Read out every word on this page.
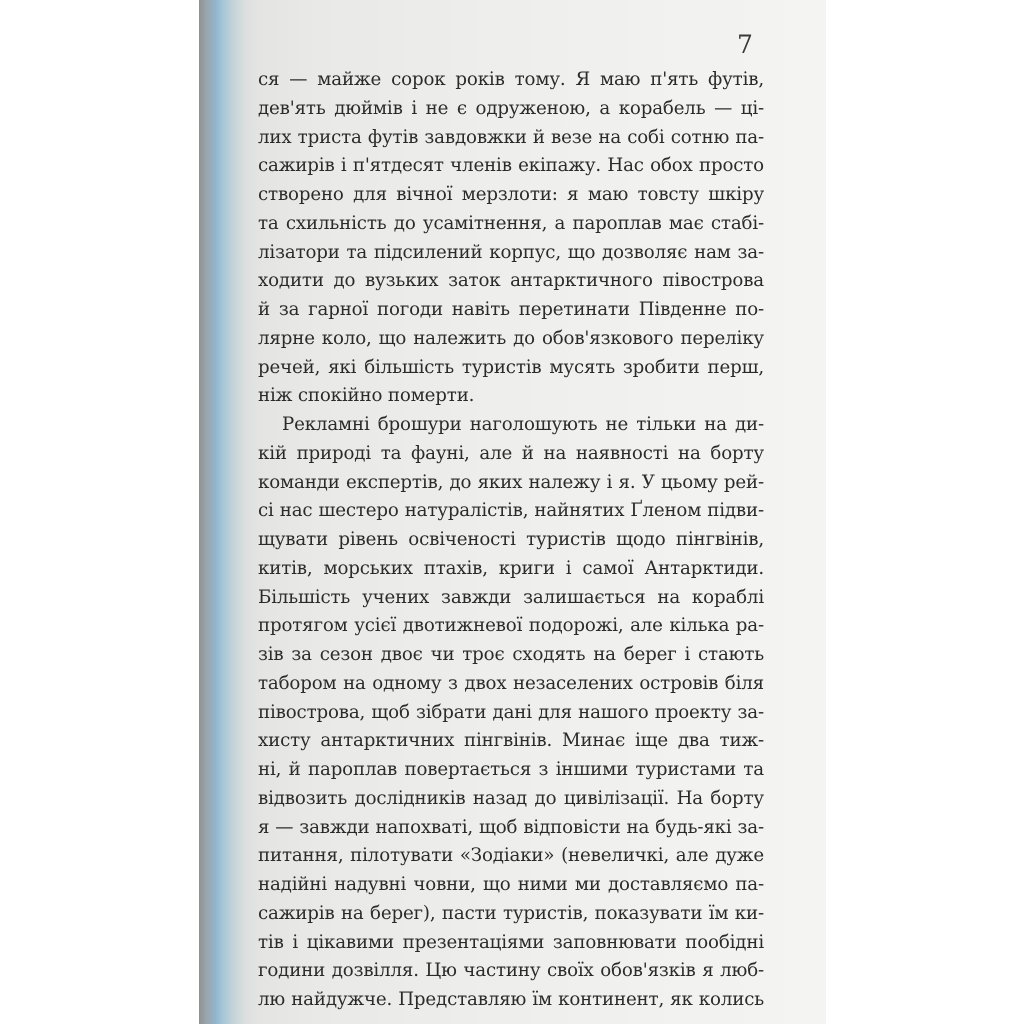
7
ся — майже сорок років тому. Я маю п'ять футів,
дев'ять дюймів і не є одруженою, а корабель — ці-
лих триста футів завдовжки й везе на собі сотню па-
сажирів і п'ятдесят членів екіпажу. Нас обох просто
створено для вічної мерзлоти: я маю товсту шкіру
та схильність до усамітнення, а пароплав має стабі-
лізатори та підсилений корпус, що дозволяє нам за-
ходити до вузьких заток антарктичного півострова
й за гарної погоди навіть перетинати Південне по-
лярне коло, що належить до обов'язкового переліку
речей, які більшість туристів мусять зробити перш,
ніж спокійно померти.
Рекламні брошури наголошують не тільки на ди-
кій природі та фауні, але й на наявності на борту
команди експертів, до яких належу і я. У цьому рей-
сі нас шестеро натуралістів, найнятих Ґленом підви-
щувати рівень освіченості туристів щодо пінгвінів,
китів, морських птахів, криги і самої Антарктиди.
Більшість учених завжди залишається на кораблі
протягом усієї двотижневої подорожі, але кілька ра-
зів за сезон двоє чи троє сходять на берег і стають
табором на одному з двох незаселених островів біля
півострова, щоб зібрати дані для нашого проекту за-
хисту антарктичних пінгвінів. Минає іще два тиж-
ні, й пароплав повертається з іншими туристами та
відвозить дослідників назад до цивілізації. На борту
я — завжди напохваті, щоб відповісти на будь-які за-
питання, пілотувати «Зодіаки» (невеличкі, але дуже
надійні надувні човни, що ними ми доставляємо па-
сажирів на берег), пасти туристів, показувати їм ки-
тів і цікавими презентаціями заповнювати пообідні
години дозвілля. Цю частину своїх обов'язків я люб-
лю найдужче. Представляю їм континент, як колись
